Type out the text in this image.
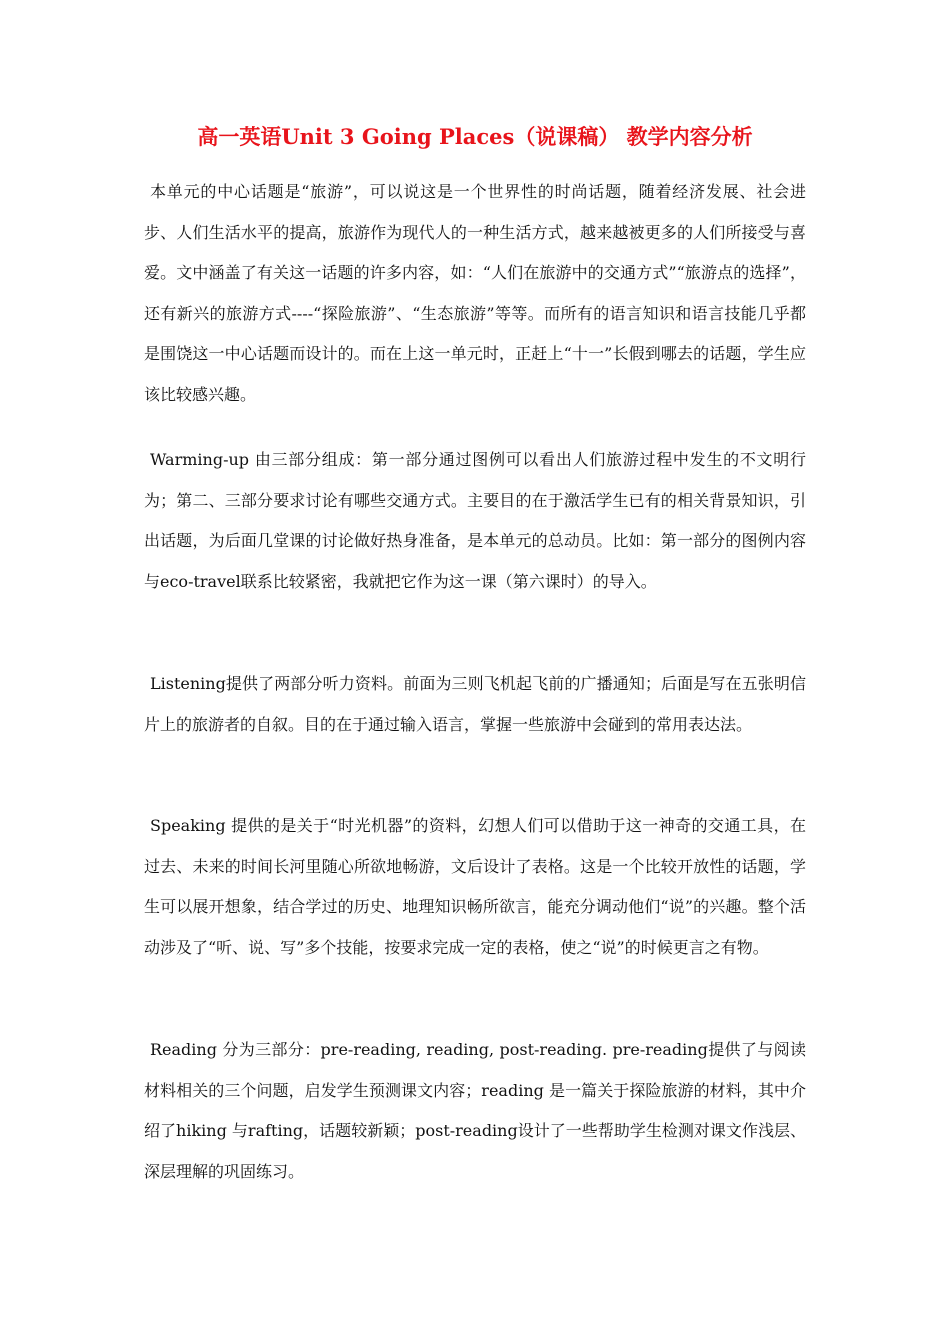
高一英语Unit 3 Going Places（说课稿） 教学内容分析

本单元的中心话题是“旅游”，可以说这是一个世界性的时尚话题，随着经济发展、社会进步、人们生活水平的提高，旅游作为现代人的一种生活方式，越来越被更多的人们所接受与喜爱。文中涵盖了有关这一话题的许多内容，如：“人们在旅游中的交通方式”“旅游点的选择”，还有新兴的旅游方式----“探险旅游”、“生态旅游”等等。而所有的语言知识和语言技能几乎都是围饶这一中心话题而设计的。而在上这一单元时，正赶上“十一”长假到哪去的话题，学生应该比较感兴趣。

Warming-up 由三部分组成：第一部分通过图例可以看出人们旅游过程中发生的不文明行为；第二、三部分要求讨论有哪些交通方式。主要目的在于激活学生已有的相关背景知识，引出话题，为后面几堂课的讨论做好热身准备，是本单元的总动员。比如：第一部分的图例内容与eco-travel联系比较紧密，我就把它作为这一课（第六课时）的导入。

Listening提供了两部分听力资料。前面为三则飞机起飞前的广播通知；后面是写在五张明信片上的旅游者的自叙。目的在于通过输入语言，掌握一些旅游中会碰到的常用表达法。

Speaking 提供的是关于“时光机器”的资料，幻想人们可以借助于这一神奇的交通工具，在过去、未来的时间长河里随心所欲地畅游，文后设计了表格。这是一个比较开放性的话题，学生可以展开想象，结合学过的历史、地理知识畅所欲言，能充分调动他们“说”的兴趣。整个活动涉及了“听、说、写”多个技能，按要求完成一定的表格，使之“说”的时候更言之有物。

Reading 分为三部分：pre-reading, reading, post-reading. pre-reading提供了与阅读材料相关的三个问题，启发学生预测课文内容；reading 是一篇关于探险旅游的材料，其中介绍了hiking 与rafting，话题较新颖；post-reading设计了一些帮助学生检测对课文作浅层、深层理解的巩固练习。
